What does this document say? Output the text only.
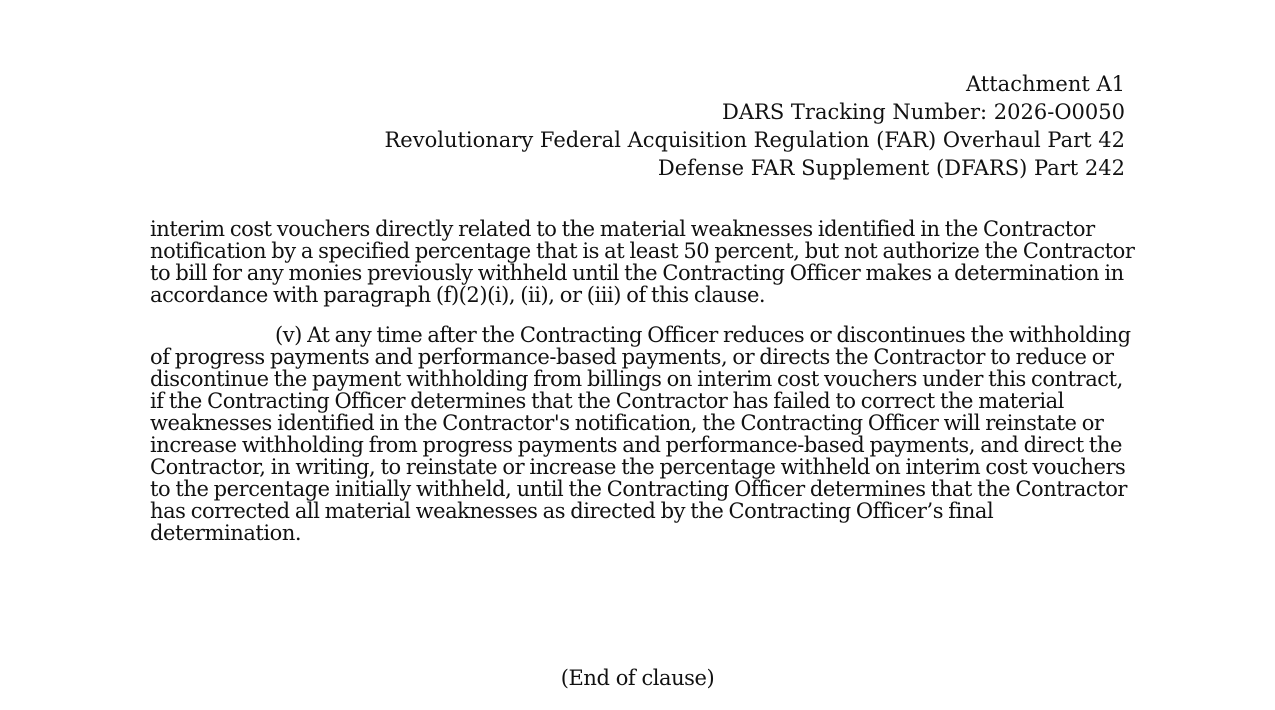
Attachment A1
DARS Tracking Number: 2026-O0050
Revolutionary Federal Acquisition Regulation (FAR) Overhaul Part 42
Defense FAR Supplement (DFARS) Part 242

interim cost vouchers directly related to the material weaknesses identified in the Contractor notification by a specified percentage that is at least 50 percent, but not authorize the Contractor to bill for any monies previously withheld until the Contracting Officer makes a determination in accordance with paragraph (f)(2)(i), (ii), or (iii) of this clause.

(v) At any time after the Contracting Officer reduces or discontinues the withholding of progress payments and performance-based payments, or directs the Contractor to reduce or discontinue the payment withholding from billings on interim cost vouchers under this contract, if the Contracting Officer determines that the Contractor has failed to correct the material weaknesses identified in the Contractor's notification, the Contracting Officer will reinstate or increase withholding from progress payments and performance-based payments, and direct the Contractor, in writing, to reinstate or increase the percentage withheld on interim cost vouchers to the percentage initially withheld, until the Contracting Officer determines that the Contractor has corrected all material weaknesses as directed by the Contracting Officer’s final determination.

(End of clause)
